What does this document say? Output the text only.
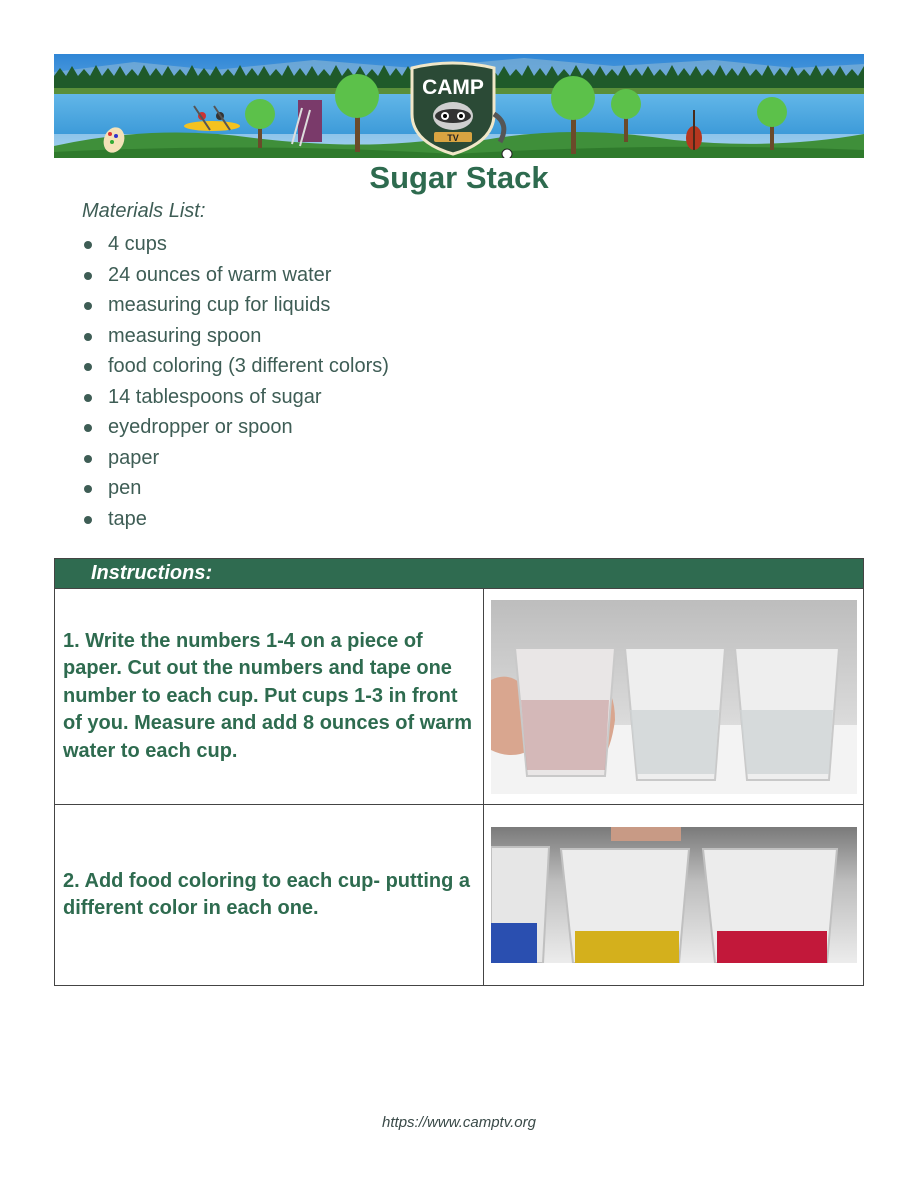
CAMP
TV
Sugar Stack
Materials List:
4 cups
24 ounces of warm water
measuring cup for liquids
measuring spoon
food coloring (3 different colors)
14 tablespoons of sugar
eyedropper or spoon
paper
pen
tape
Instructions:
1. Write the numbers 1-4 on a piece of paper. Cut out the numbers and tape one number to each cup. Put cups 1-3 in front of you. Measure and add 8 ounces of warm water to each cup.
2. Add food coloring to each cup- putting a different color in each one.
https://www.camptv.org
